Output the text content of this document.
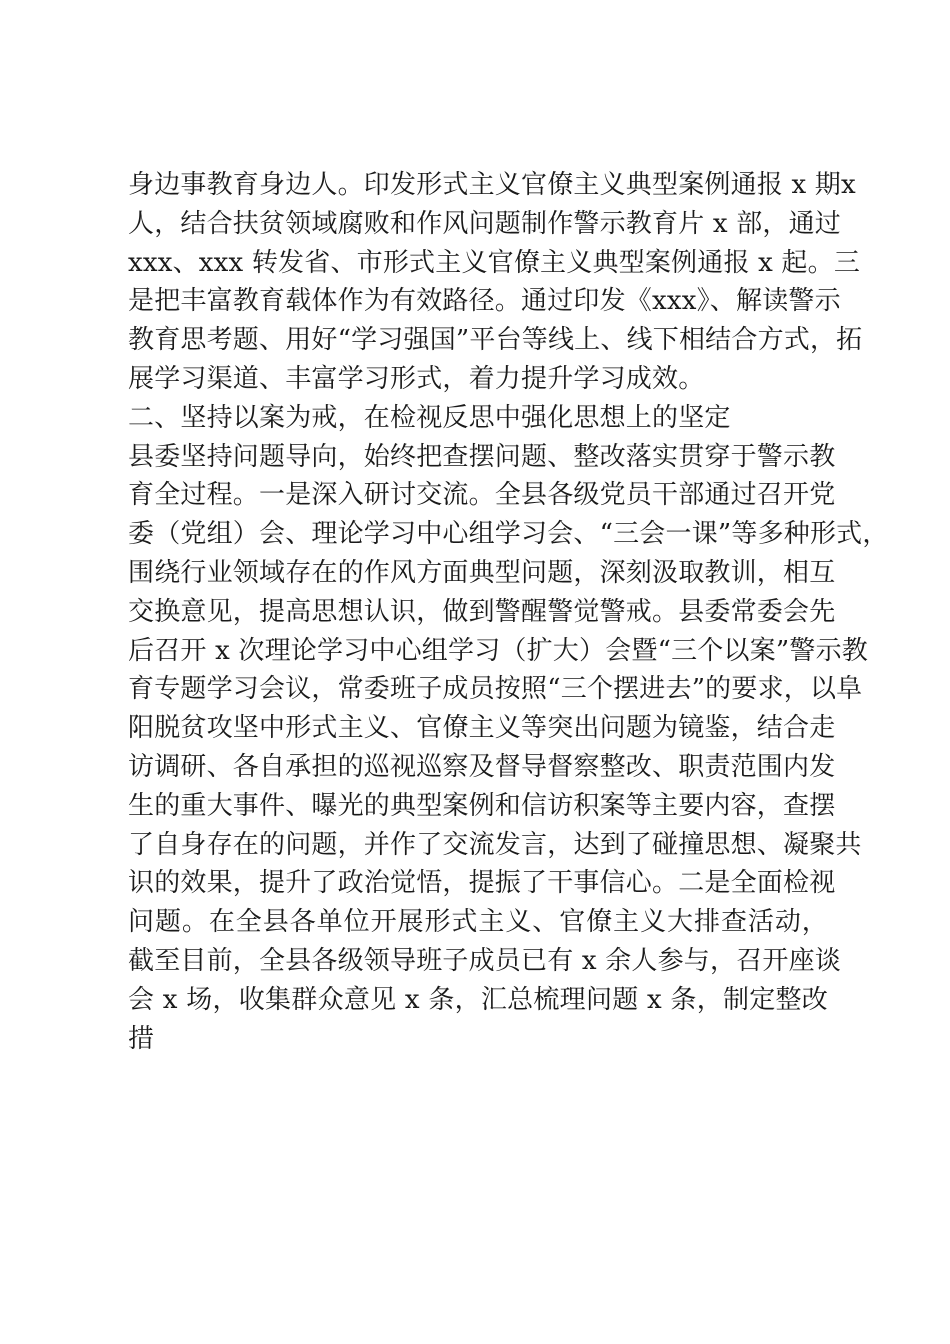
身边事教育身边人。印发形式主义官僚主义典型案例通报 x 期x
人，结合扶贫领域腐败和作风问题制作警示教育片 x 部，通过
xxx、xxx 转发省、市形式主义官僚主义典型案例通报 x 起。三
是把丰富教育载体作为有效路径。通过印发《xxx》、解读警示
教育思考题、用好“学习强国”平台等线上、线下相结合方式，拓
展学习渠道、丰富学习形式，着力提升学习成效。
二、坚持以案为戒，在检视反思中强化思想上的坚定
县委坚持问题导向，始终把查摆问题、整改落实贯穿于警示教
育全过程。一是深入研讨交流。全县各级党员干部通过召开党
委（党组）会、理论学习中心组学习会、“三会一课”等多种形式，
围绕行业领域存在的作风方面典型问题，深刻汲取教训，相互
交换意见，提高思想认识，做到警醒警觉警戒。县委常委会先
后召开 x 次理论学习中心组学习（扩大）会暨“三个以案”警示教
育专题学习会议，常委班子成员按照“三个摆进去”的要求，以阜
阳脱贫攻坚中形式主义、官僚主义等突出问题为镜鉴，结合走
访调研、各自承担的巡视巡察及督导督察整改、职责范围内发
生的重大事件、曝光的典型案例和信访积案等主要内容，查摆
了自身存在的问题，并作了交流发言，达到了碰撞思想、凝聚共
识的效果，提升了政治觉悟，提振了干事信心。二是全面检视
问题。在全县各单位开展形式主义、官僚主义大排查活动，
截至目前，全县各级领导班子成员已有 x 余人参与，召开座谈
会 x 场，收集群众意见 x 条，汇总梳理问题 x 条，制定整改
措
